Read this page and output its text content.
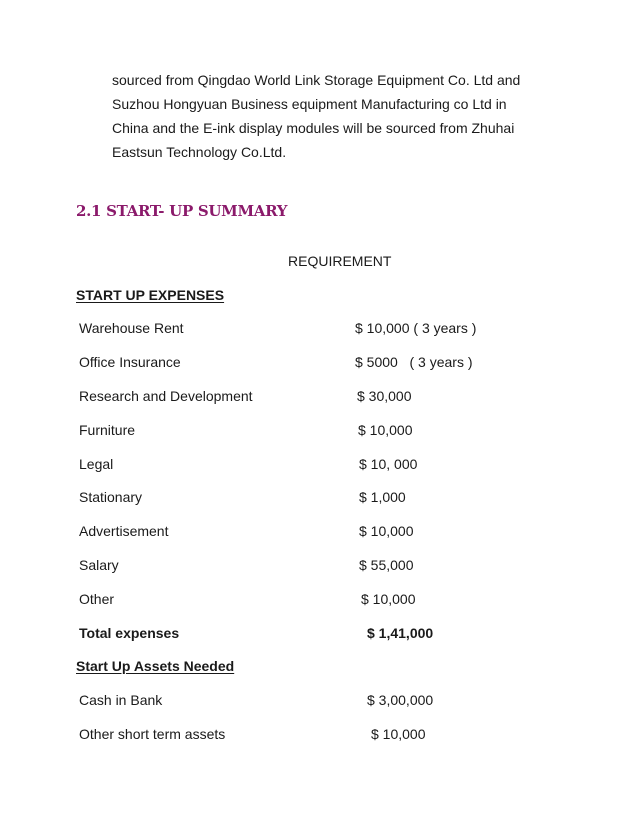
sourced from Qingdao World Link Storage Equipment Co. Ltd and

Suzhou Hongyuan Business equipment Manufacturing co Ltd in

China and the E-ink display modules will be sourced from Zhuhai

Eastsun Technology Co.Ltd.

2.1 START- UP SUMMARY
REQUIREMENT
START UP EXPENSES
Warehouse Rent	$ 10,000 ( 3 years )
Office Insurance	$ 5000   ( 3 years )
Research and Development	$ 30,000
Furniture	$ 10,000
Legal	$ 10, 000
Stationary	$ 1,000
Advertisement	$ 10,000
Salary	$ 55,000
Other	$ 10,000
Total expenses	$ 1,41,000
Start Up Assets Needed
Cash in Bank	$ 3,00,000
Other short term assets	$ 10,000
